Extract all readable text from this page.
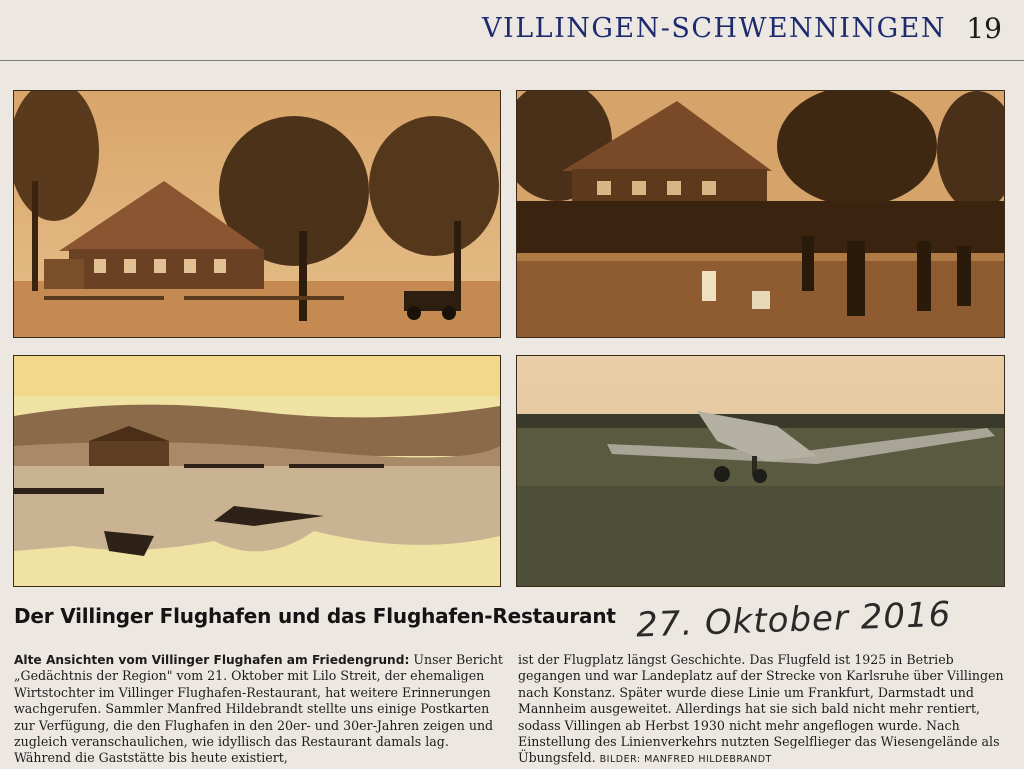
VILLINGEN-SCHWENNINGEN 19
Der Villinger Flughafen und das Flughafen-Restaurant 27. Oktober 2016
Alte Ansichten vom Villinger Flughafen am Friedengrund: Unser Bericht „Gedächtnis der Region" vom 21. Oktober mit Lilo Streit, der ehemaligen Wirtstochter im Villinger Flughafen-Restaurant, hat weitere Erinnerungen wachgerufen. Sammler Manfred Hildebrandt stellte uns einige Postkarten zur Verfügung, die den Flughafen in den 20er- und 30er-Jahren zeigen und zugleich veranschaulichen, wie idyllisch das Restaurant damals lag. Während die Gaststätte bis heute existiert,
ist der Flugplatz längst Geschichte. Das Flugfeld ist 1925 in Betrieb gegangen und war Landeplatz auf der Strecke von Karlsruhe über Villingen nach Konstanz. Später wurde diese Linie um Frankfurt, Darmstadt und Mannheim ausgeweitet. Allerdings hat sie sich bald nicht mehr rentiert, sodass Villingen ab Herbst 1930 nicht mehr angeflogen wurde. Nach Einstellung des Linienverkehrs nutzten Segelflieger das Wiesengelände als Übungsfeld. BILDER: MANFRED HILDEBRANDT
